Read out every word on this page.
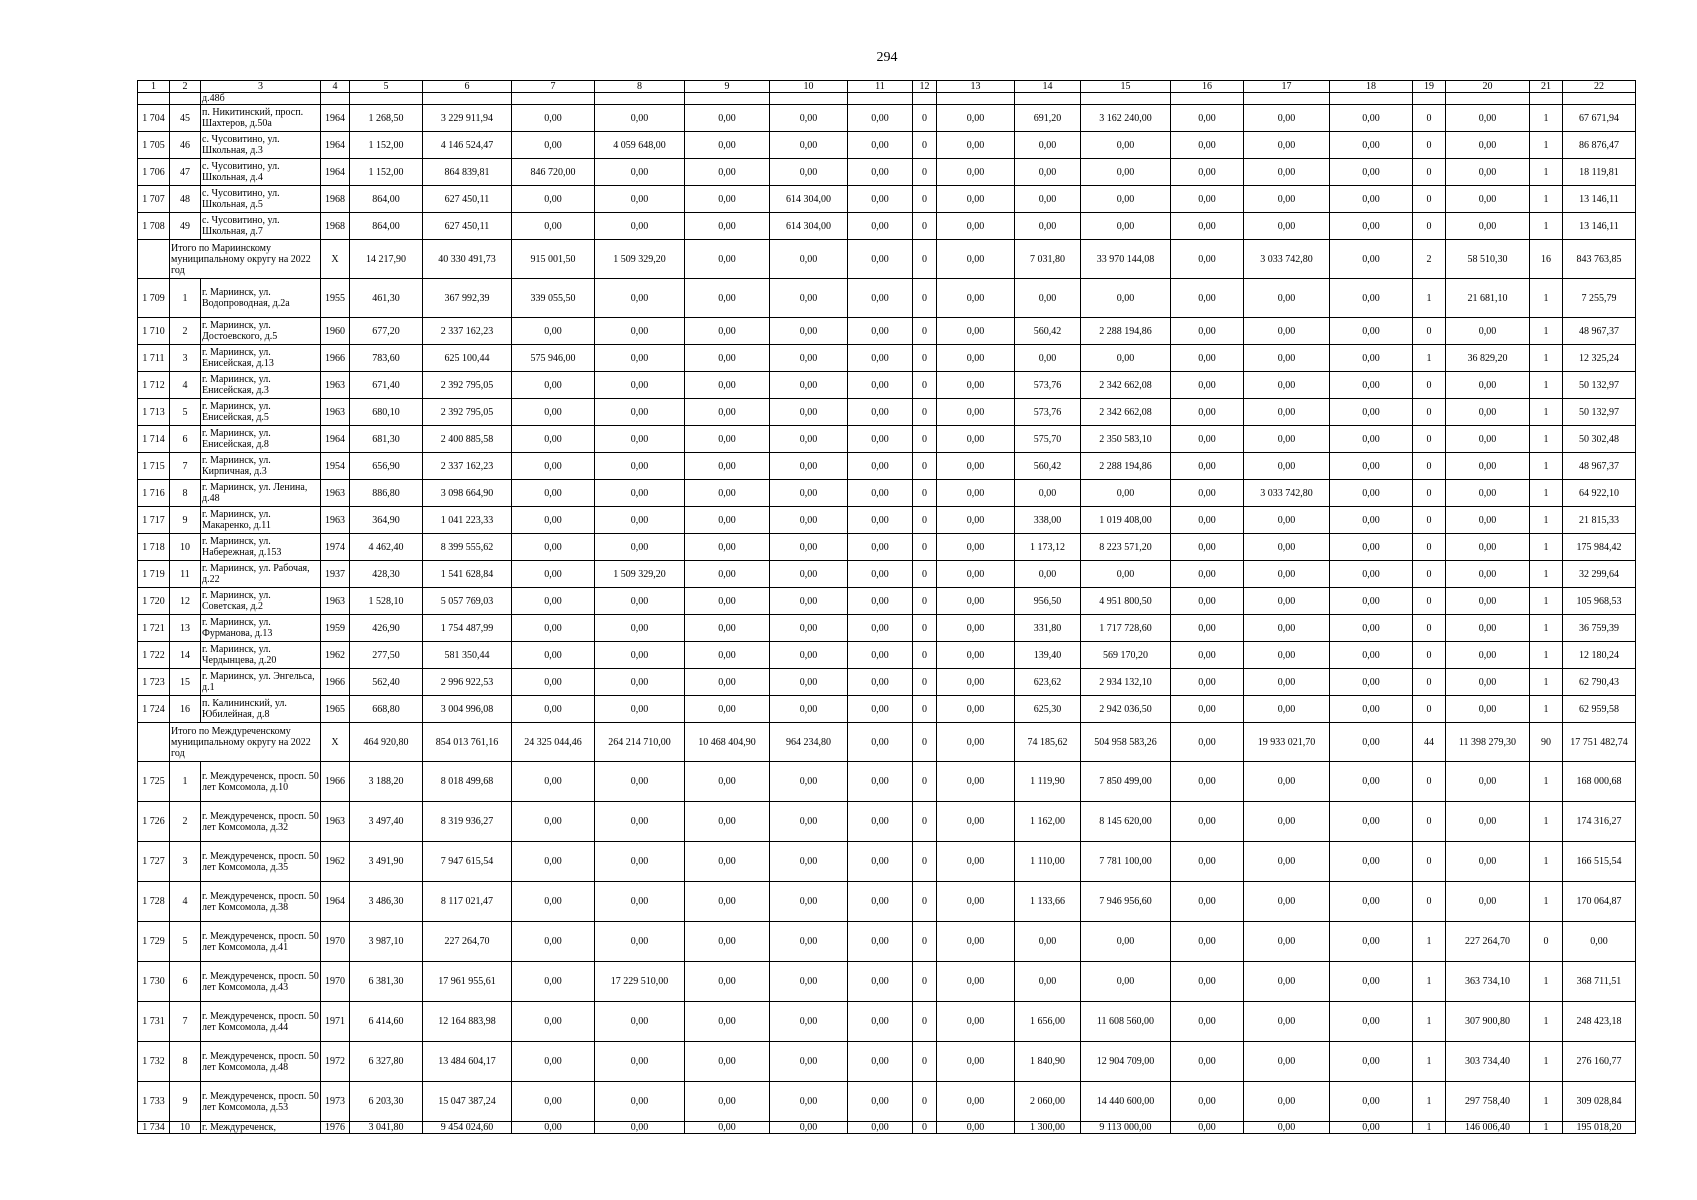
294
1	2	3	4	5	6	7	8	9	10	11	12	13	14	15	16	17	18	19	20	21	22
		д.48б																			
1 704	45	п. Никитинский, просп. Шахтеров, д.50а	1964	1 268,50	3 229 911,94	0,00	0,00	0,00	0,00	0,00	0	0,00	691,20	3 162 240,00	0,00	0,00	0,00	0	0,00	1	67 671,94
1 705	46	с. Чусовитино, ул. Школьная, д.3	1964	1 152,00	4 146 524,47	0,00	4 059 648,00	0,00	0,00	0,00	0	0,00	0,00	0,00	0,00	0,00	0,00	0	0,00	1	86 876,47
1 706	47	с. Чусовитино, ул. Школьная, д.4	1964	1 152,00	864 839,81	846 720,00	0,00	0,00	0,00	0,00	0	0,00	0,00	0,00	0,00	0,00	0,00	0	0,00	1	18 119,81
1 707	48	с. Чусовитино, ул. Школьная, д.5	1968	864,00	627 450,11	0,00	0,00	0,00	614 304,00	0,00	0	0,00	0,00	0,00	0,00	0,00	0,00	0	0,00	1	13 146,11
1 708	49	с. Чусовитино, ул. Школьная, д.7	1968	864,00	627 450,11	0,00	0,00	0,00	614 304,00	0,00	0	0,00	0,00	0,00	0,00	0,00	0,00	0	0,00	1	13 146,11
	Итого по Мариинскому муниципальному округу на 2022 год		X	14 217,90	40 330 491,73	915 001,50	1 509 329,20	0,00	0,00	0,00	0	0,00	7 031,80	33 970 144,08	0,00	3 033 742,80	0,00	2	58 510,30	16	843 763,85
1 709	1	г. Мариинск, ул. Водопроводная, д.2а	1955	461,30	367 992,39	339 055,50	0,00	0,00	0,00	0,00	0	0,00	0,00	0,00	0,00	0,00	0,00	1	21 681,10	1	7 255,79
1 710	2	г. Мариинск, ул. Достоевского, д.5	1960	677,20	2 337 162,23	0,00	0,00	0,00	0,00	0,00	0	0,00	560,42	2 288 194,86	0,00	0,00	0,00	0	0,00	1	48 967,37
1 711	3	г. Мариинск, ул. Енисейская, д.13	1966	783,60	625 100,44	575 946,00	0,00	0,00	0,00	0,00	0	0,00	0,00	0,00	0,00	0,00	0,00	1	36 829,20	1	12 325,24
1 712	4	г. Мариинск, ул. Енисейская, д.3	1963	671,40	2 392 795,05	0,00	0,00	0,00	0,00	0,00	0	0,00	573,76	2 342 662,08	0,00	0,00	0,00	0	0,00	1	50 132,97
1 713	5	г. Мариинск, ул. Енисейская, д.5	1963	680,10	2 392 795,05	0,00	0,00	0,00	0,00	0,00	0	0,00	573,76	2 342 662,08	0,00	0,00	0,00	0	0,00	1	50 132,97
1 714	6	г. Мариинск, ул. Енисейская, д.8	1964	681,30	2 400 885,58	0,00	0,00	0,00	0,00	0,00	0	0,00	575,70	2 350 583,10	0,00	0,00	0,00	0	0,00	1	50 302,48
1 715	7	г. Мариинск, ул. Кирпичная, д.3	1954	656,90	2 337 162,23	0,00	0,00	0,00	0,00	0,00	0	0,00	560,42	2 288 194,86	0,00	0,00	0,00	0	0,00	1	48 967,37
1 716	8	г. Мариинск, ул. Ленина, д.48	1963	886,80	3 098 664,90	0,00	0,00	0,00	0,00	0,00	0	0,00	0,00	0,00	0,00	3 033 742,80	0,00	0	0,00	1	64 922,10
1 717	9	г. Мариинск, ул. Макаренко, д.11	1963	364,90	1 041 223,33	0,00	0,00	0,00	0,00	0,00	0	0,00	338,00	1 019 408,00	0,00	0,00	0,00	0	0,00	1	21 815,33
1 718	10	г. Мариинск, ул. Набережная, д.153	1974	4 462,40	8 399 555,62	0,00	0,00	0,00	0,00	0,00	0	0,00	1 173,12	8 223 571,20	0,00	0,00	0,00	0	0,00	1	175 984,42
1 719	11	г. Мариинск, ул. Рабочая, д.22	1937	428,30	1 541 628,84	0,00	1 509 329,20	0,00	0,00	0,00	0	0,00	0,00	0,00	0,00	0,00	0,00	0	0,00	1	32 299,64
1 720	12	г. Мариинск, ул. Советская, д.2	1963	1 528,10	5 057 769,03	0,00	0,00	0,00	0,00	0,00	0	0,00	956,50	4 951 800,50	0,00	0,00	0,00	0	0,00	1	105 968,53
1 721	13	г. Мариинск, ул. Фурманова, д.13	1959	426,90	1 754 487,99	0,00	0,00	0,00	0,00	0,00	0	0,00	331,80	1 717 728,60	0,00	0,00	0,00	0	0,00	1	36 759,39
1 722	14	г. Мариинск, ул. Чердынцева, д.20	1962	277,50	581 350,44	0,00	0,00	0,00	0,00	0,00	0	0,00	139,40	569 170,20	0,00	0,00	0,00	0	0,00	1	12 180,24
1 723	15	г. Мариинск, ул. Энгельса, д.1	1966	562,40	2 996 922,53	0,00	0,00	0,00	0,00	0,00	0	0,00	623,62	2 934 132,10	0,00	0,00	0,00	0	0,00	1	62 790,43
1 724	16	п. Калининский, ул. Юбилейная, д.8	1965	668,80	3 004 996,08	0,00	0,00	0,00	0,00	0,00	0	0,00	625,30	2 942 036,50	0,00	0,00	0,00	0	0,00	1	62 959,58
	Итого по Междуреченскому муниципальному округу на 2022 год		X	464 920,80	854 013 761,16	24 325 044,46	264 214 710,00	10 468 404,90	964 234,80	0,00	0	0,00	74 185,62	504 958 583,26	0,00	19 933 021,70	0,00	44	11 398 279,30	90	17 751 482,74
1 725	1	г. Междуреченск, просп. 50 лет Комсомола, д.10	1966	3 188,20	8 018 499,68	0,00	0,00	0,00	0,00	0,00	0	0,00	1 119,90	7 850 499,00	0,00	0,00	0,00	0	0,00	1	168 000,68
1 726	2	г. Междуреченск, просп. 50 лет Комсомола, д.32	1963	3 497,40	8 319 936,27	0,00	0,00	0,00	0,00	0,00	0	0,00	1 162,00	8 145 620,00	0,00	0,00	0,00	0	0,00	1	174 316,27
1 727	3	г. Междуреченск, просп. 50 лет Комсомола, д.35	1962	3 491,90	7 947 615,54	0,00	0,00	0,00	0,00	0,00	0	0,00	1 110,00	7 781 100,00	0,00	0,00	0,00	0	0,00	1	166 515,54
1 728	4	г. Междуреченск, просп. 50 лет Комсомола, д.38	1964	3 486,30	8 117 021,47	0,00	0,00	0,00	0,00	0,00	0	0,00	1 133,66	7 946 956,60	0,00	0,00	0,00	0	0,00	1	170 064,87
1 729	5	г. Междуреченск, просп. 50 лет Комсомола, д.41	1970	3 987,10	227 264,70	0,00	0,00	0,00	0,00	0,00	0	0,00	0,00	0,00	0,00	0,00	0,00	1	227 264,70	0	0,00
1 730	6	г. Междуреченск, просп. 50 лет Комсомола, д.43	1970	6 381,30	17 961 955,61	0,00	17 229 510,00	0,00	0,00	0,00	0	0,00	0,00	0,00	0,00	0,00	0,00	1	363 734,10	1	368 711,51
1 731	7	г. Междуреченск, просп. 50 лет Комсомола, д.44	1971	6 414,60	12 164 883,98	0,00	0,00	0,00	0,00	0,00	0	0,00	1 656,00	11 608 560,00	0,00	0,00	0,00	1	307 900,80	1	248 423,18
1 732	8	г. Междуреченск, просп. 50 лет Комсомола, д.48	1972	6 327,80	13 484 604,17	0,00	0,00	0,00	0,00	0,00	0	0,00	1 840,90	12 904 709,00	0,00	0,00	0,00	1	303 734,40	1	276 160,77
1 733	9	г. Междуреченск, просп. 50 лет Комсомола, д.53	1973	6 203,30	15 047 387,24	0,00	0,00	0,00	0,00	0,00	0	0,00	2 060,00	14 440 600,00	0,00	0,00	0,00	1	297 758,40	1	309 028,84
1 734	10	г. Междуреченск,	1976	3 041,80	9 454 024,60	0,00	0,00	0,00	0,00	0,00	0	0,00	1 300,00	9 113 000,00	0,00	0,00	0,00	1	146 006,40	1	195 018,20
